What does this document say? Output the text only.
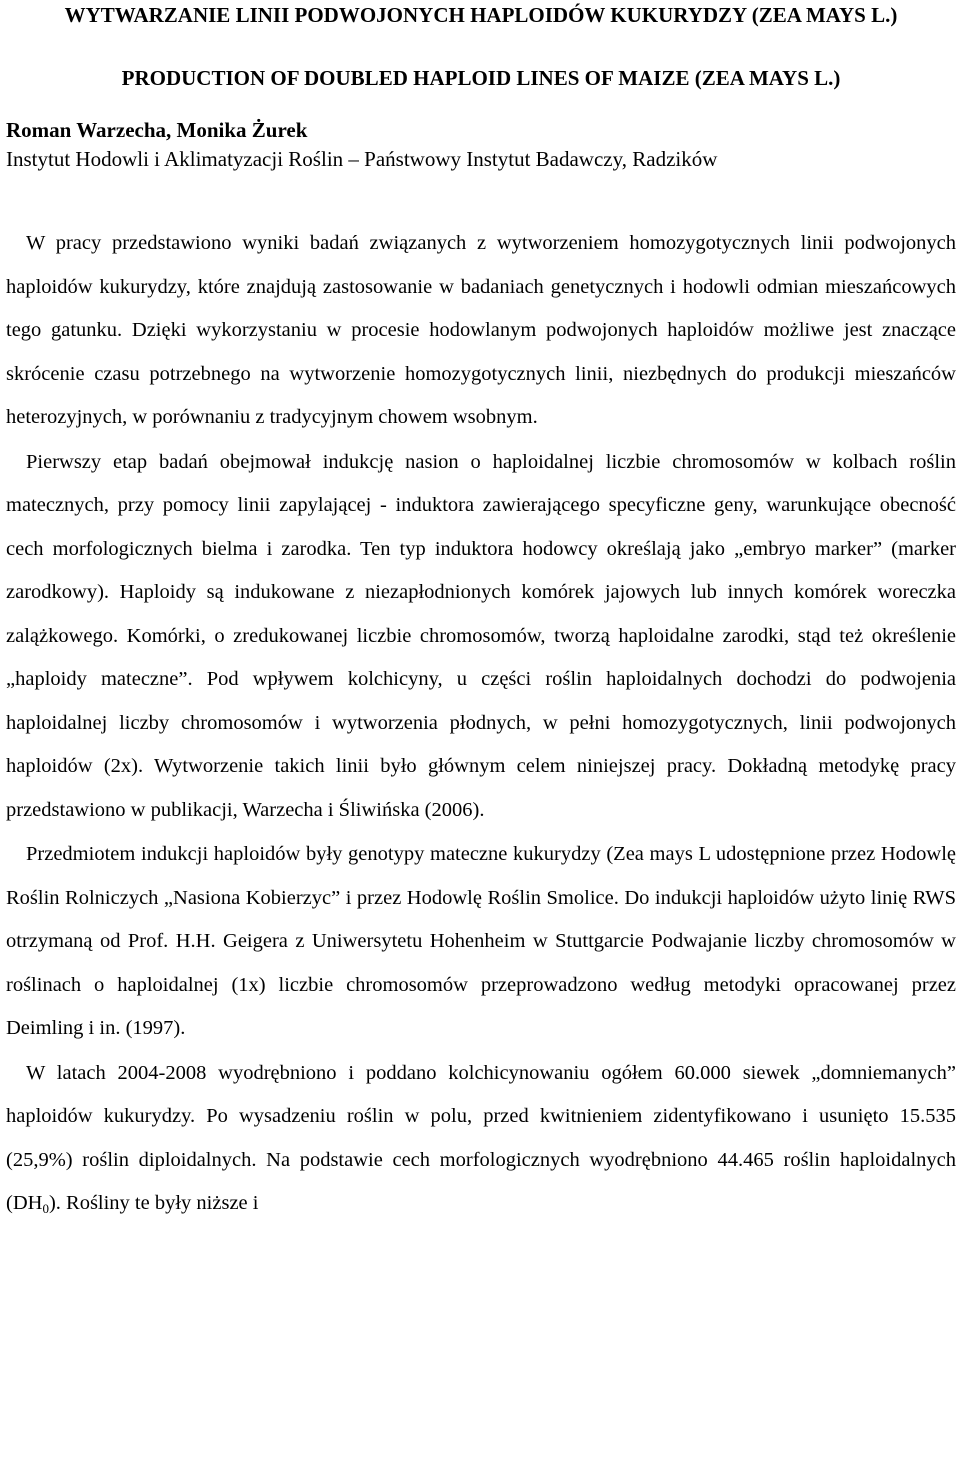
WYTWARZANIE LINII PODWOJONYCH HAPLOIDÓW KUKURYDZY (ZEA MAYS L.)

PRODUCTION OF DOUBLED HAPLOID LINES OF MAIZE (ZEA MAYS L.)

Roman Warzecha, Monika Żurek
Instytut Hodowli i Aklimatyzacji Roślin – Państwowy Instytut Badawczy, Radzików

W pracy przedstawiono wyniki badań związanych z wytworzeniem homozygotycznych linii podwojonych haploidów kukurydzy, które znajdują zastosowanie w badaniach genetycznych i hodowli odmian mieszańcowych tego gatunku. Dzięki wykorzystaniu w procesie hodowlanym podwojonych haploidów możliwe jest znaczące skrócenie czasu potrzebnego na wytworzenie homozygotycznych linii, niezbędnych do produkcji mieszańców heterozyjnych, w porównaniu z tradycyjnym chowem wsobnym.

Pierwszy etap badań obejmował indukcję nasion o haploidalnej liczbie chromosomów w kolbach roślin matecznych, przy pomocy linii zapylającej - induktora zawierającego specyficzne geny, warunkujące obecność cech morfologicznych bielma i zarodka. Ten typ induktora hodowcy określają jako „embryo marker” (marker zarodkowy). Haploidy są indukowane z niezapłodnionych komórek jajowych lub innych komórek woreczka zalążkowego. Komórki, o zredukowanej liczbie chromosomów, tworzą haploidalne zarodki, stąd też określenie „haploidy mateczne”. Pod wpływem kolchicyny, u części roślin haploidalnych dochodzi do podwojenia haploidalnej liczby chromosomów i wytworzenia płodnych, w pełni homozygotycznych, linii podwojonych haploidów (2x). Wytworzenie takich linii było głównym celem niniejszej pracy. Dokładną metodykę pracy przedstawiono w publikacji, Warzecha i Śliwińska (2006).

Przedmiotem indukcji haploidów były genotypy mateczne kukurydzy (Zea mays L udostępnione przez Hodowlę Roślin Rolniczych „Nasiona Kobierzyc” i przez Hodowlę Roślin Smolice. Do indukcji haploidów użyto linię RWS otrzymaną od Prof. H.H. Geigera z Uniwersytetu Hohenheim w Stuttgarcie Podwajanie liczby chromosomów w roślinach o haploidalnej (1x) liczbie chromosomów przeprowadzono według metodyki opracowanej przez Deimling i in. (1997).

W latach 2004-2008 wyodrębniono i poddano kolchicynowaniu ogółem 60.000 siewek „domniemanych” haploidów kukurydzy. Po wysadzeniu roślin w polu, przed kwitnieniem zidentyfikowano i usunięto 15.535 (25,9%) roślin diploidalnych. Na podstawie cech morfologicznych wyodrębniono 44.465 roślin haploidalnych $(DH_0)$. Rośliny te były niższe i
